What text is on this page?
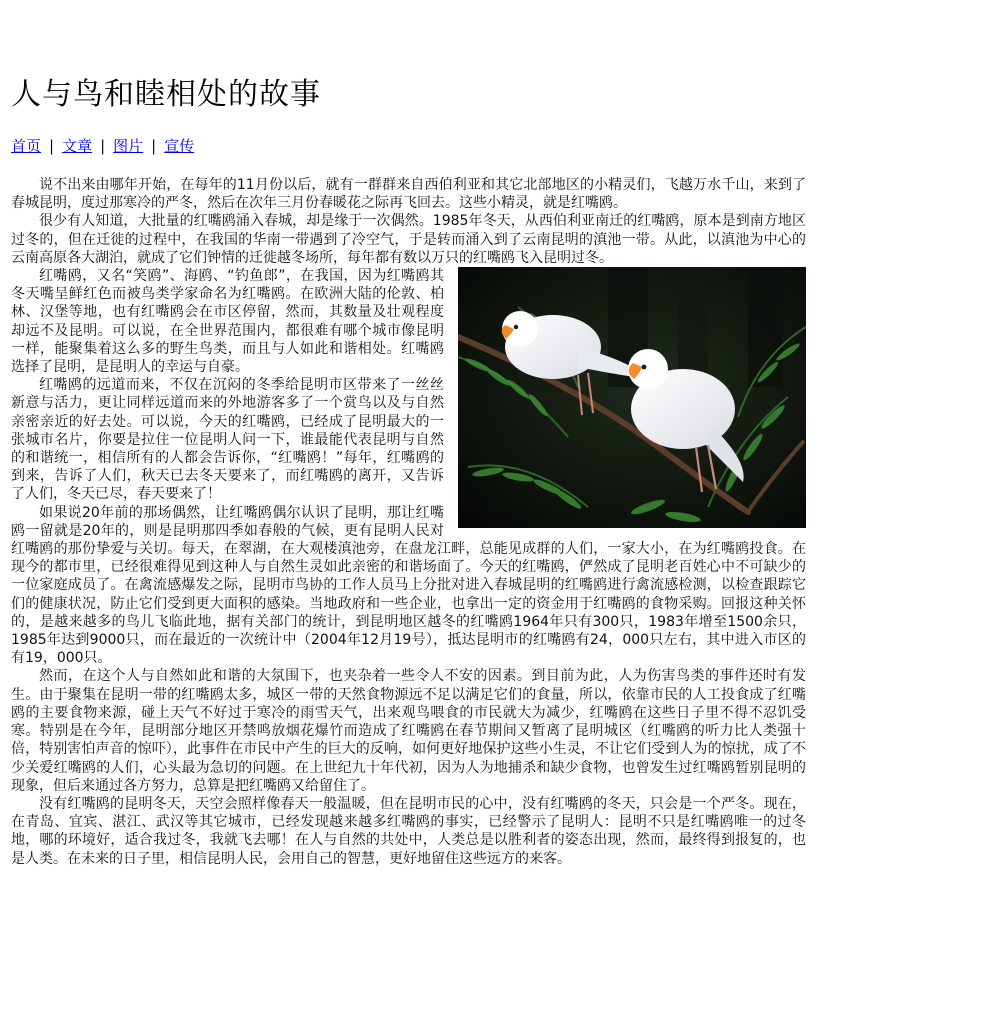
人与鸟和睦相处的故事
首页 | 文章 | 图片 | 宣传

说不出来由哪年开始，在每年的11月份以后，就有一群群来自西伯利亚和其它北部地区的小精灵们，飞越万水千山，来到了春城昆明，度过那寒冷的严冬，然后在次年三月份春暖花之际再飞回去。这些小精灵，就是红嘴鸥。

很少有人知道，大批量的红嘴鸥涌入春城，却是缘于一次偶然。1985年冬天，从西伯利亚南迁的红嘴鸥，原本是到南方地区过冬的，但在迁徙的过程中，在我国的华南一带遇到了冷空气，于是转而涌入到了云南昆明的滇池一带。从此，以滇池为中心的云南高原各大湖泊，就成了它们钟情的迁徙越冬场所，每年都有数以万只的红嘴鸥飞入昆明过冬。

红嘴鸥，又名“笑鸥”、海鸥、“钓鱼郎”，在我国，因为红嘴鸥其冬天嘴呈鲜红色而被鸟类学家命名为红嘴鸥。在欧洲大陆的伦敦、柏林、汉堡等地，也有红嘴鸥会在市区停留，然而，其数量及壮观程度却远不及昆明。可以说，在全世界范围内，都很难有哪个城市像昆明一样，能聚集着这么多的野生鸟类，而且与人如此和谐相处。红嘴鸥选择了昆明，是昆明人的幸运与自豪。

红嘴鸥的远道而来，不仅在沉闷的冬季给昆明市区带来了一丝丝新意与活力，更让同样远道而来的外地游客多了一个赏鸟以及与自然亲密亲近的好去处。可以说，今天的红嘴鸥，已经成了昆明最大的一张城市名片，你要是拉住一位昆明人问一下，谁最能代表昆明与自然的和谐统一，相信所有的人都会告诉你，“红嘴鸥！”每年，红嘴鸥的到来，告诉了人们，秋天已去冬天要来了，而红嘴鸥的离开，又告诉了人们，冬天已尽，春天要来了！

如果说20年前的那场偶然，让红嘴鸥偶尔认识了昆明，那让红嘴鸥一留就是20年的，则是昆明那四季如春般的气候，更有昆明人民对红嘴鸥的那份挚爱与关切。每天，在翠湖，在大观楼滇池旁，在盘龙江畔，总能见成群的人们，一家大小，在为红嘴鸥投食。在现今的都市里，已经很难得见到这种人与自然生灵如此亲密的和谐场面了。今天的红嘴鸥，俨然成了昆明老百姓心中不可缺少的一位家庭成员了。在禽流感爆发之际，昆明市鸟协的工作人员马上分批对进入春城昆明的红嘴鸥进行禽流感检测，以检查跟踪它们的健康状况，防止它们受到更大面积的感染。当地政府和一些企业，也拿出一定的资金用于红嘴鸥的食物采购。回报这种关怀的，是越来越多的鸟儿飞临此地，据有关部门的统计，到昆明地区越冬的红嘴鸥1964年只有300只，1983年增至1500余只，1985年达到9000只，而在最近的一次统计中（2004年12月19号），抵达昆明市的红嘴鸥有24，000只左右，其中进入市区的有19，000只。

然而，在这个人与自然如此和谐的大氛围下，也夹杂着一些令人不安的因素。到目前为此，人为伤害鸟类的事件还时有发生。由于聚集在昆明一带的红嘴鸥太多，城区一带的天然食物源远不足以满足它们的食量，所以，依靠市民的人工投食成了红嘴鸥的主要食物来源，碰上天气不好过于寒冷的雨雪天气，出来观鸟喂食的市民就大为减少，红嘴鸥在这些日子里不得不忍饥受寒。特别是在今年，昆明部分地区开禁鸣放烟花爆竹而造成了红嘴鸥在春节期间又暂离了昆明城区（红嘴鸥的听力比人类强十倍，特别害怕声音的惊吓），此事件在市民中产生的巨大的反响，如何更好地保护这些小生灵，不让它们受到人为的惊扰，成了不少关爱红嘴鸥的人们，心头最为急切的问题。在上世纪九十年代初，因为人为地捕杀和缺少食物，也曾发生过红嘴鸥暂别昆明的现象，但后来通过各方努力，总算是把红嘴鸥又给留住了。

没有红嘴鸥的昆明冬天，天空会照样像春天一般温暖，但在昆明市民的心中，没有红嘴鸥的冬天，只会是一个严冬。现在，在青岛、宜宾、湛江、武汉等其它城市，已经发现越来越多红嘴鸥的事实，已经警示了昆明人：昆明不只是红嘴鸥唯一的过冬地，哪的环境好，适合我过冬，我就飞去哪！在人与自然的共处中，人类总是以胜利者的姿态出现，然而，最终得到报复的，也是人类。在未来的日子里，相信昆明人民，会用自己的智慧，更好地留住这些远方的来客。
